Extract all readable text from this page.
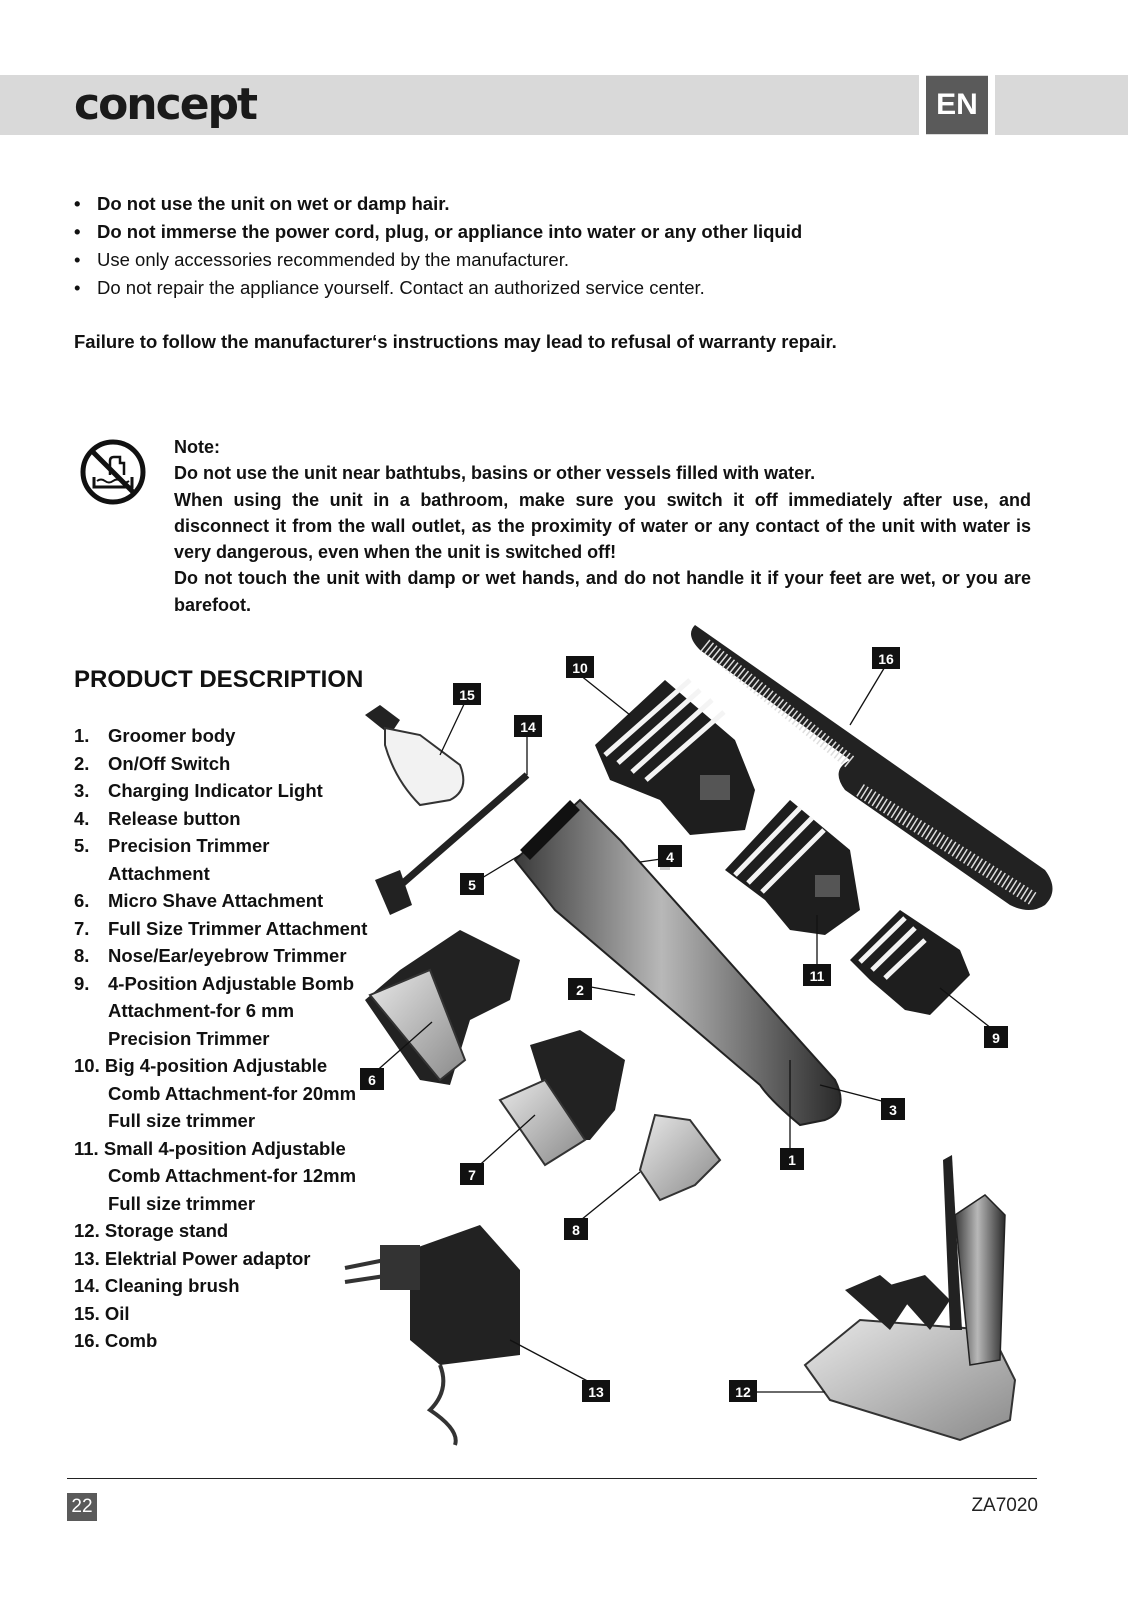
concept	EN
• Do not use the unit on wet or damp hair.
• Do not immerse the power cord, plug, or appliance into water or any other liquid
• Use only accessories recommended by the manufacturer.
• Do not repair the appliance yourself. Contact an authorized service center.
Failure to follow the manufacturer‘s instructions may lead to refusal of warranty repair.

Note:

Do not use the unit near bathtubs, basins or other vessels filled with water.

When using the unit in a bathroom, make sure you switch it off immediately after use, and disconnect it from the wall outlet, as the proximity of water or any contact of the unit with water is very dangerous, even when the unit is switched off!

Do not touch the unit with damp or wet hands, and do not handle it if your feet are wet, or you are barefoot.

PRODUCT DESCRIPTION
1. Groomer body
2. On/Off Switch
3. Charging Indicator Light
4. Release button
5. Precision Trimmer Attachment
6. Micro Shave Attachment
7. Full Size Trimmer Attachment
8. Nose/Ear/eyebrow Trimmer
9. 4-Position Adjustable Bomb Attachment-for 6 mm Precision Trimmer
10. Big 4-position Adjustable Comb Attachment-for 20mm Full size trimmer
11. Small 4-position Adjustable Comb Attachment-for 12mm Full size trimmer
12. Storage stand
13. Elektrial Power adaptor
14. Cleaning brush
15. Oil
16. Comb
1
2
3
4
5
6
7
8
9
10
11
12
13
14
15
16
22	ZA7020
